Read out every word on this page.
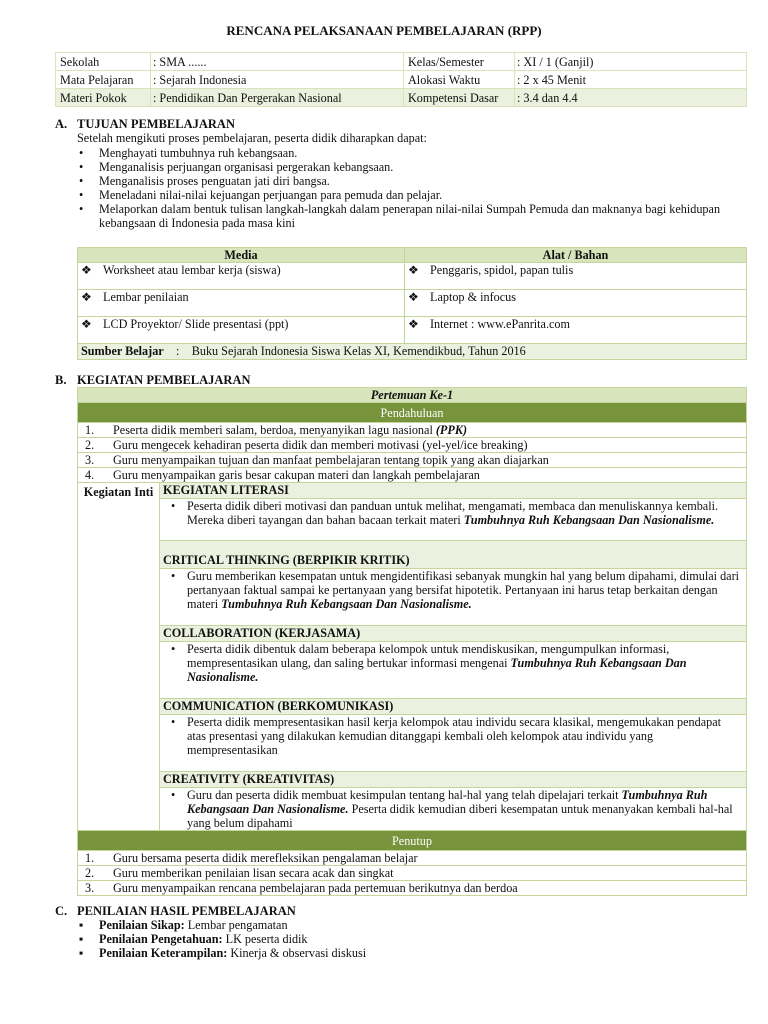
RENCANA PELAKSANAAN PEMBELAJARAN (RPP)
Sekolah	: SMA ......	Kelas/Semester	: XI / 1 (Ganjil)
Mata Pelajaran	: Sejarah Indonesia	Alokasi Waktu	: 2 x 45 Menit
Materi Pokok	: Pendidikan Dan Pergerakan Nasional	Kompetensi Dasar	: 3.4 dan 4.4
A. TUJUAN PEMBELAJARAN
Setelah mengikuti proses pembelajaran, peserta didik diharapkan dapat:
• Menghayati tumbuhnya ruh kebangsaan.
• Menganalisis perjuangan organisasi pergerakan kebangsaan.
• Menganalisis proses penguatan jati diri bangsa.
• Meneladani nilai-nilai kejuangan perjuangan para pemuda dan pelajar.
• Melaporkan dalam bentuk tulisan langkah-langkah dalam penerapan nilai-nilai Sumpah Pemuda dan maknanya bagi kehidupan kebangsaan di Indonesia pada masa kini
Media	Alat / Bahan
❖ Worksheet atau lembar kerja (siswa)	❖ Penggaris, spidol, papan tulis
❖ Lembar penilaian	❖ Laptop & infocus
❖ LCD Proyektor/ Slide presentasi (ppt)	❖ Internet : www.ePanrita.com
Sumber Belajar : Buku Sejarah Indonesia Siswa Kelas XI, Kemendikbud, Tahun 2016	
B. KEGIATAN PEMBELAJARAN
Pertemuan Ke-1
Pendahuluan
1. Peserta didik memberi salam, berdoa, menyanyikan lagu nasional (PPK)
2. Guru mengecek kehadiran peserta didik dan memberi motivasi (yel-yel/ice breaking)
3. Guru menyampaikan tujuan dan manfaat pembelajaran tentang topik yang akan diajarkan
4. Guru menyampaikan garis besar cakupan materi dan langkah pembelajaran

Kegiatan Inti	KEGIATAN LITERASI

• Peserta didik diberi motivasi dan panduan untuk melihat, mengamati, membaca dan menuliskannya kembali. Mereka diberi tayangan dan bahan bacaan terkait materi Tumbuhnya Ruh Kebangsaan Dan Nasionalisme.

CRITICAL THINKING (BERPIKIR KRITIK)

• Guru memberikan kesempatan untuk mengidentifikasi sebanyak mungkin hal yang belum dipahami, dimulai dari pertanyaan faktual sampai ke pertanyaan yang bersifat hipotetik. Pertanyaan ini harus tetap berkaitan dengan materi Tumbuhnya Ruh Kebangsaan Dan Nasionalisme.

COLLABORATION (KERJASAMA)

• Peserta didik dibentuk dalam beberapa kelompok untuk mendiskusikan, mengumpulkan informasi, mempresentasikan ulang, dan saling bertukar informasi mengenai Tumbuhnya Ruh Kebangsaan Dan Nasionalisme.

COMMUNICATION (BERKOMUNIKASI)

• Peserta didik mempresentasikan hasil kerja kelompok atau individu secara klasikal, mengemukakan pendapat atas presentasi yang dilakukan kemudian ditanggapi kembali oleh kelompok atau individu yang mempresentasikan

CREATIVITY (KREATIVITAS)

• Guru dan peserta didik membuat kesimpulan tentang hal-hal yang telah dipelajari terkait Tumbuhnya Ruh Kebangsaan Dan Nasionalisme. Peserta didik kemudian diberi kesempatan untuk menanyakan kembali hal-hal yang belum dipahami

Penutup
1. Guru bersama peserta didik merefleksikan pengalaman belajar
2. Guru memberikan penilaian lisan secara acak dan singkat
3. Guru menyampaikan rencana pembelajaran pada pertemuan berikutnya dan berdoa
C. PENILAIAN HASIL PEMBELAJARAN
▪ Penilaian Sikap: Lembar pengamatan
▪ Penilaian Pengetahuan: LK peserta didik
▪ Penilaian Keterampilan: Kinerja & observasi diskusi
